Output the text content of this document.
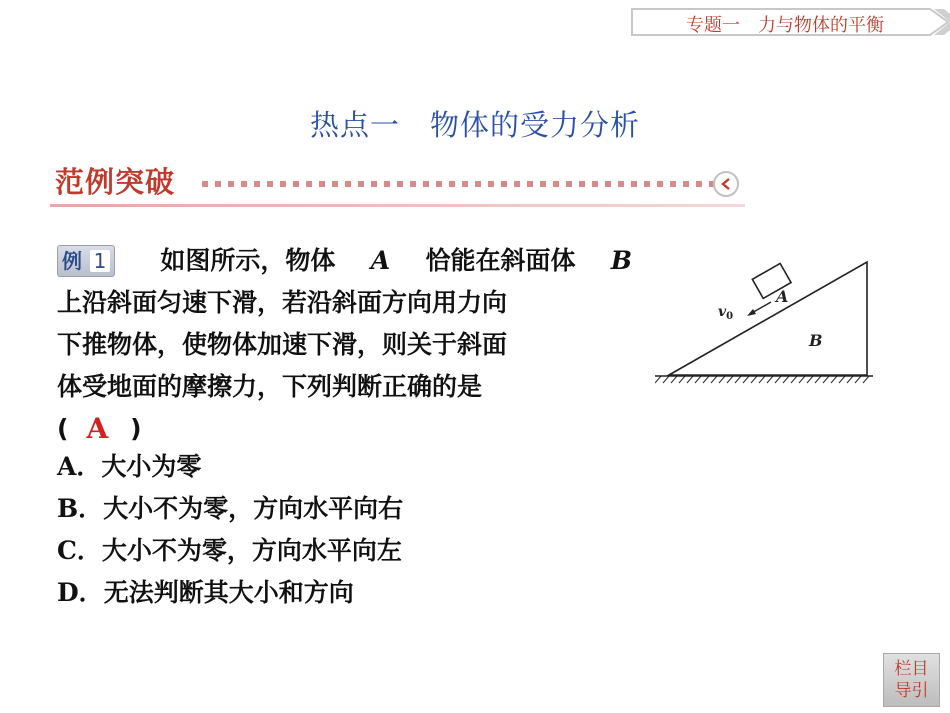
专题一 力与物体的平衡
热点一 物体的受力分析
范例突破
例 1 如图所示，物体 A 恰能在斜面体 B
上沿斜面匀速下滑，若沿斜面方向用力向
下推物体，使物体加速下滑，则关于斜面
体受地面的摩擦力，下列判断正确的是
( A )
A．大小为零
B．大小不为零，方向水平向右
C．大小不为零，方向水平向左
D．无法判断其大小和方向
$v_0$
A
B
栏目
导引
